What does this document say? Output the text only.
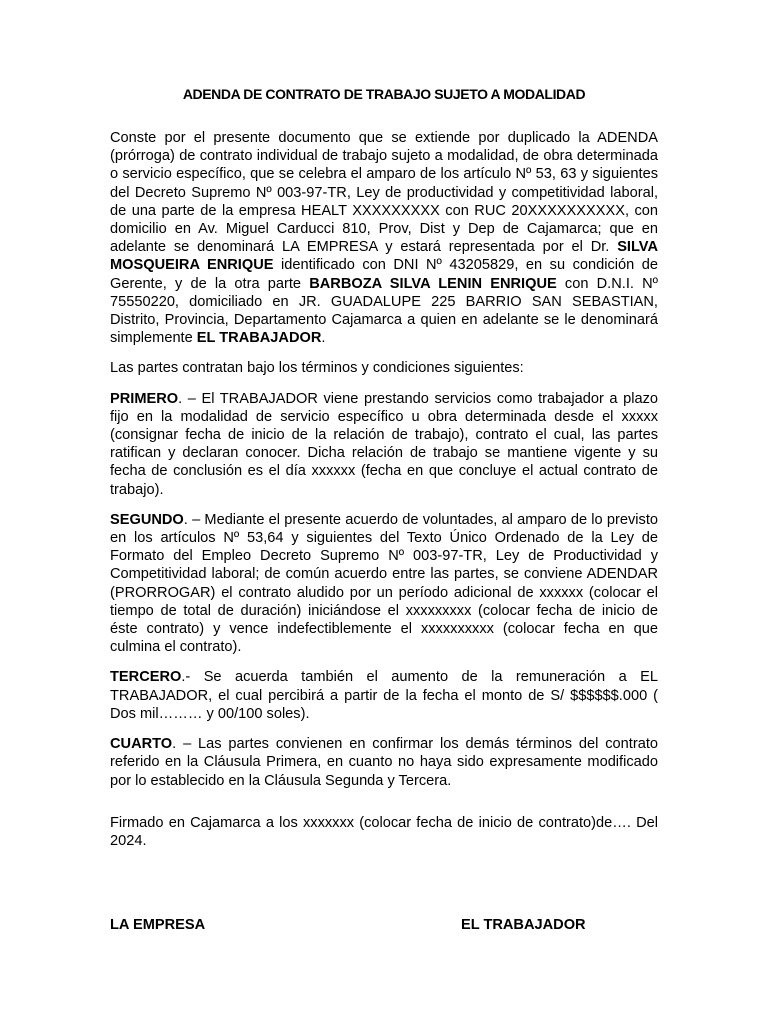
ADENDA DE CONTRATO DE TRABAJO SUJETO A MODALIDAD

Conste por el presente documento que se extiende por duplicado la ADENDA (prórroga) de contrato individual de trabajo sujeto a modalidad, de obra determinada o servicio específico, que se celebra el amparo de los artículo Nº 53, 63 y siguientes del Decreto Supremo Nº 003-97-TR, Ley de productividad y competitividad laboral, de una parte de la empresa HEALT XXXXXXXXX con RUC 20XXXXXXXXXX, con domicilio en Av. Miguel Carducci 810, Prov, Dist y Dep de Cajamarca; que en adelante se denominará LA EMPRESA y estará representada por el Dr. SILVA MOSQUEIRA ENRIQUE identificado con DNI Nº 43205829, en su condición de Gerente, y de la otra parte BARBOZA SILVA LENIN ENRIQUE con D.N.I. Nº 75550220, domiciliado en JR. GUADALUPE 225 BARRIO SAN SEBASTIAN, Distrito, Provincia, Departamento Cajamarca a quien en adelante se le denominará simplemente EL TRABAJADOR.

Las partes contratan bajo los términos y condiciones siguientes:

PRIMERO. – El TRABAJADOR viene prestando servicios como trabajador a plazo fijo en la modalidad de servicio específico u obra determinada desde el xxxxx (consignar fecha de inicio de la relación de trabajo), contrato el cual, las partes ratifican y declaran conocer. Dicha relación de trabajo se mantiene vigente y su fecha de conclusión es el día xxxxxx (fecha en que concluye el actual contrato de trabajo).

SEGUNDO. – Mediante el presente acuerdo de voluntades, al amparo de lo previsto en los artículos Nº 53,64 y siguientes del Texto Único Ordenado de la Ley de Formato del Empleo Decreto Supremo Nº 003-97-TR, Ley de Productividad y Competitividad laboral; de común acuerdo entre las partes, se conviene ADENDAR (PRORROGAR) el contrato aludido por un período adicional de xxxxxx (colocar el tiempo de total de duración) iniciándose el xxxxxxxxx (colocar fecha de inicio de éste contrato) y vence indefectiblemente el xxxxxxxxxx (colocar fecha en que culmina el contrato).

TERCERO.- Se acuerda también el aumento de la remuneración a EL TRABAJADOR, el cual percibirá a partir de la fecha el monto de S/ $$$$$$.000 ( Dos mil……… y 00/100 soles).

CUARTO. – Las partes convienen en confirmar los demás términos del contrato referido en la Cláusula Primera, en cuanto no haya sido expresamente modificado por lo establecido en la Cláusula Segunda y Tercera.

Firmado en Cajamarca a los xxxxxxx (colocar fecha de inicio de contrato)de…. Del 2024.

LA EMPRESA	EL TRABAJADOR
